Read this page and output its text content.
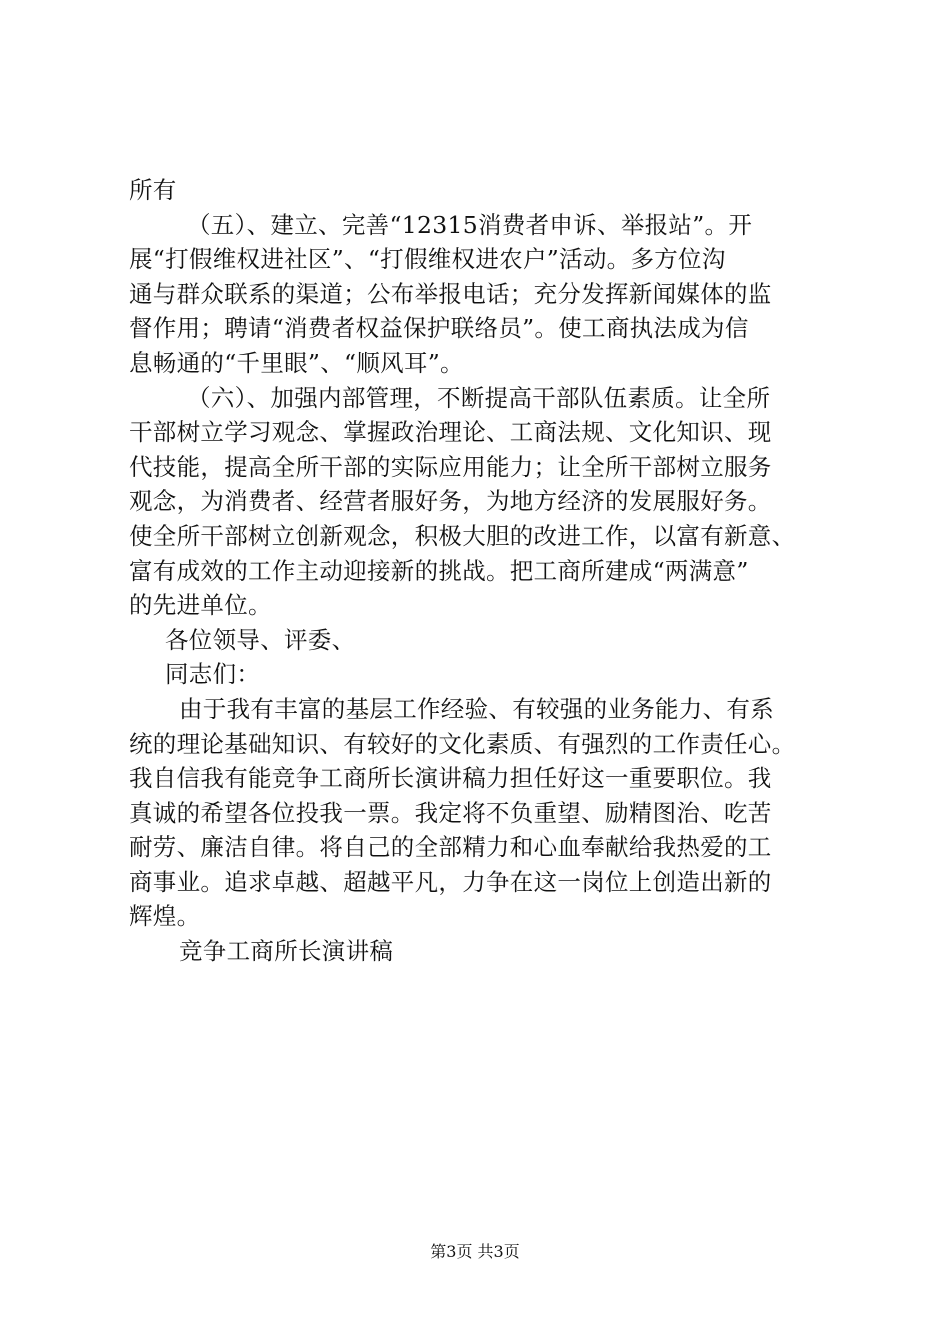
所有
（五）、建立、完善“12315消费者申诉、举报站”。开
展“打假维权进社区”、“打假维权进农户”活动。多方位沟
通与群众联系的渠道；公布举报电话；充分发挥新闻媒体的监
督作用；聘请“消费者权益保护联络员”。使工商执法成为信
息畅通的“千里眼”、“顺风耳”。
（六）、加强内部管理，不断提高干部队伍素质。让全所
干部树立学习观念、掌握政治理论、工商法规、文化知识、现
代技能，提高全所干部的实际应用能力；让全所干部树立服务
观念，为消费者、经营者服好务，为地方经济的发展服好务。
使全所干部树立创新观念，积极大胆的改进工作，以富有新意、
富有成效的工作主动迎接新的挑战。把工商所建成“两满意”
的先进单位。
各位领导、评委、
同志们：
由于我有丰富的基层工作经验、有较强的业务能力、有系
统的理论基础知识、有较好的文化素质、有强烈的工作责任心。
我自信我有能竞争工商所长演讲稿力担任好这一重要职位。我
真诚的希望各位投我一票。我定将不负重望、励精图治、吃苦
耐劳、廉洁自律。将自己的全部精力和心血奉献给我热爱的工
商事业。追求卓越、超越平凡，力争在这一岗位上创造出新的
辉煌。
竞争工商所长演讲稿
第3页 共3页
